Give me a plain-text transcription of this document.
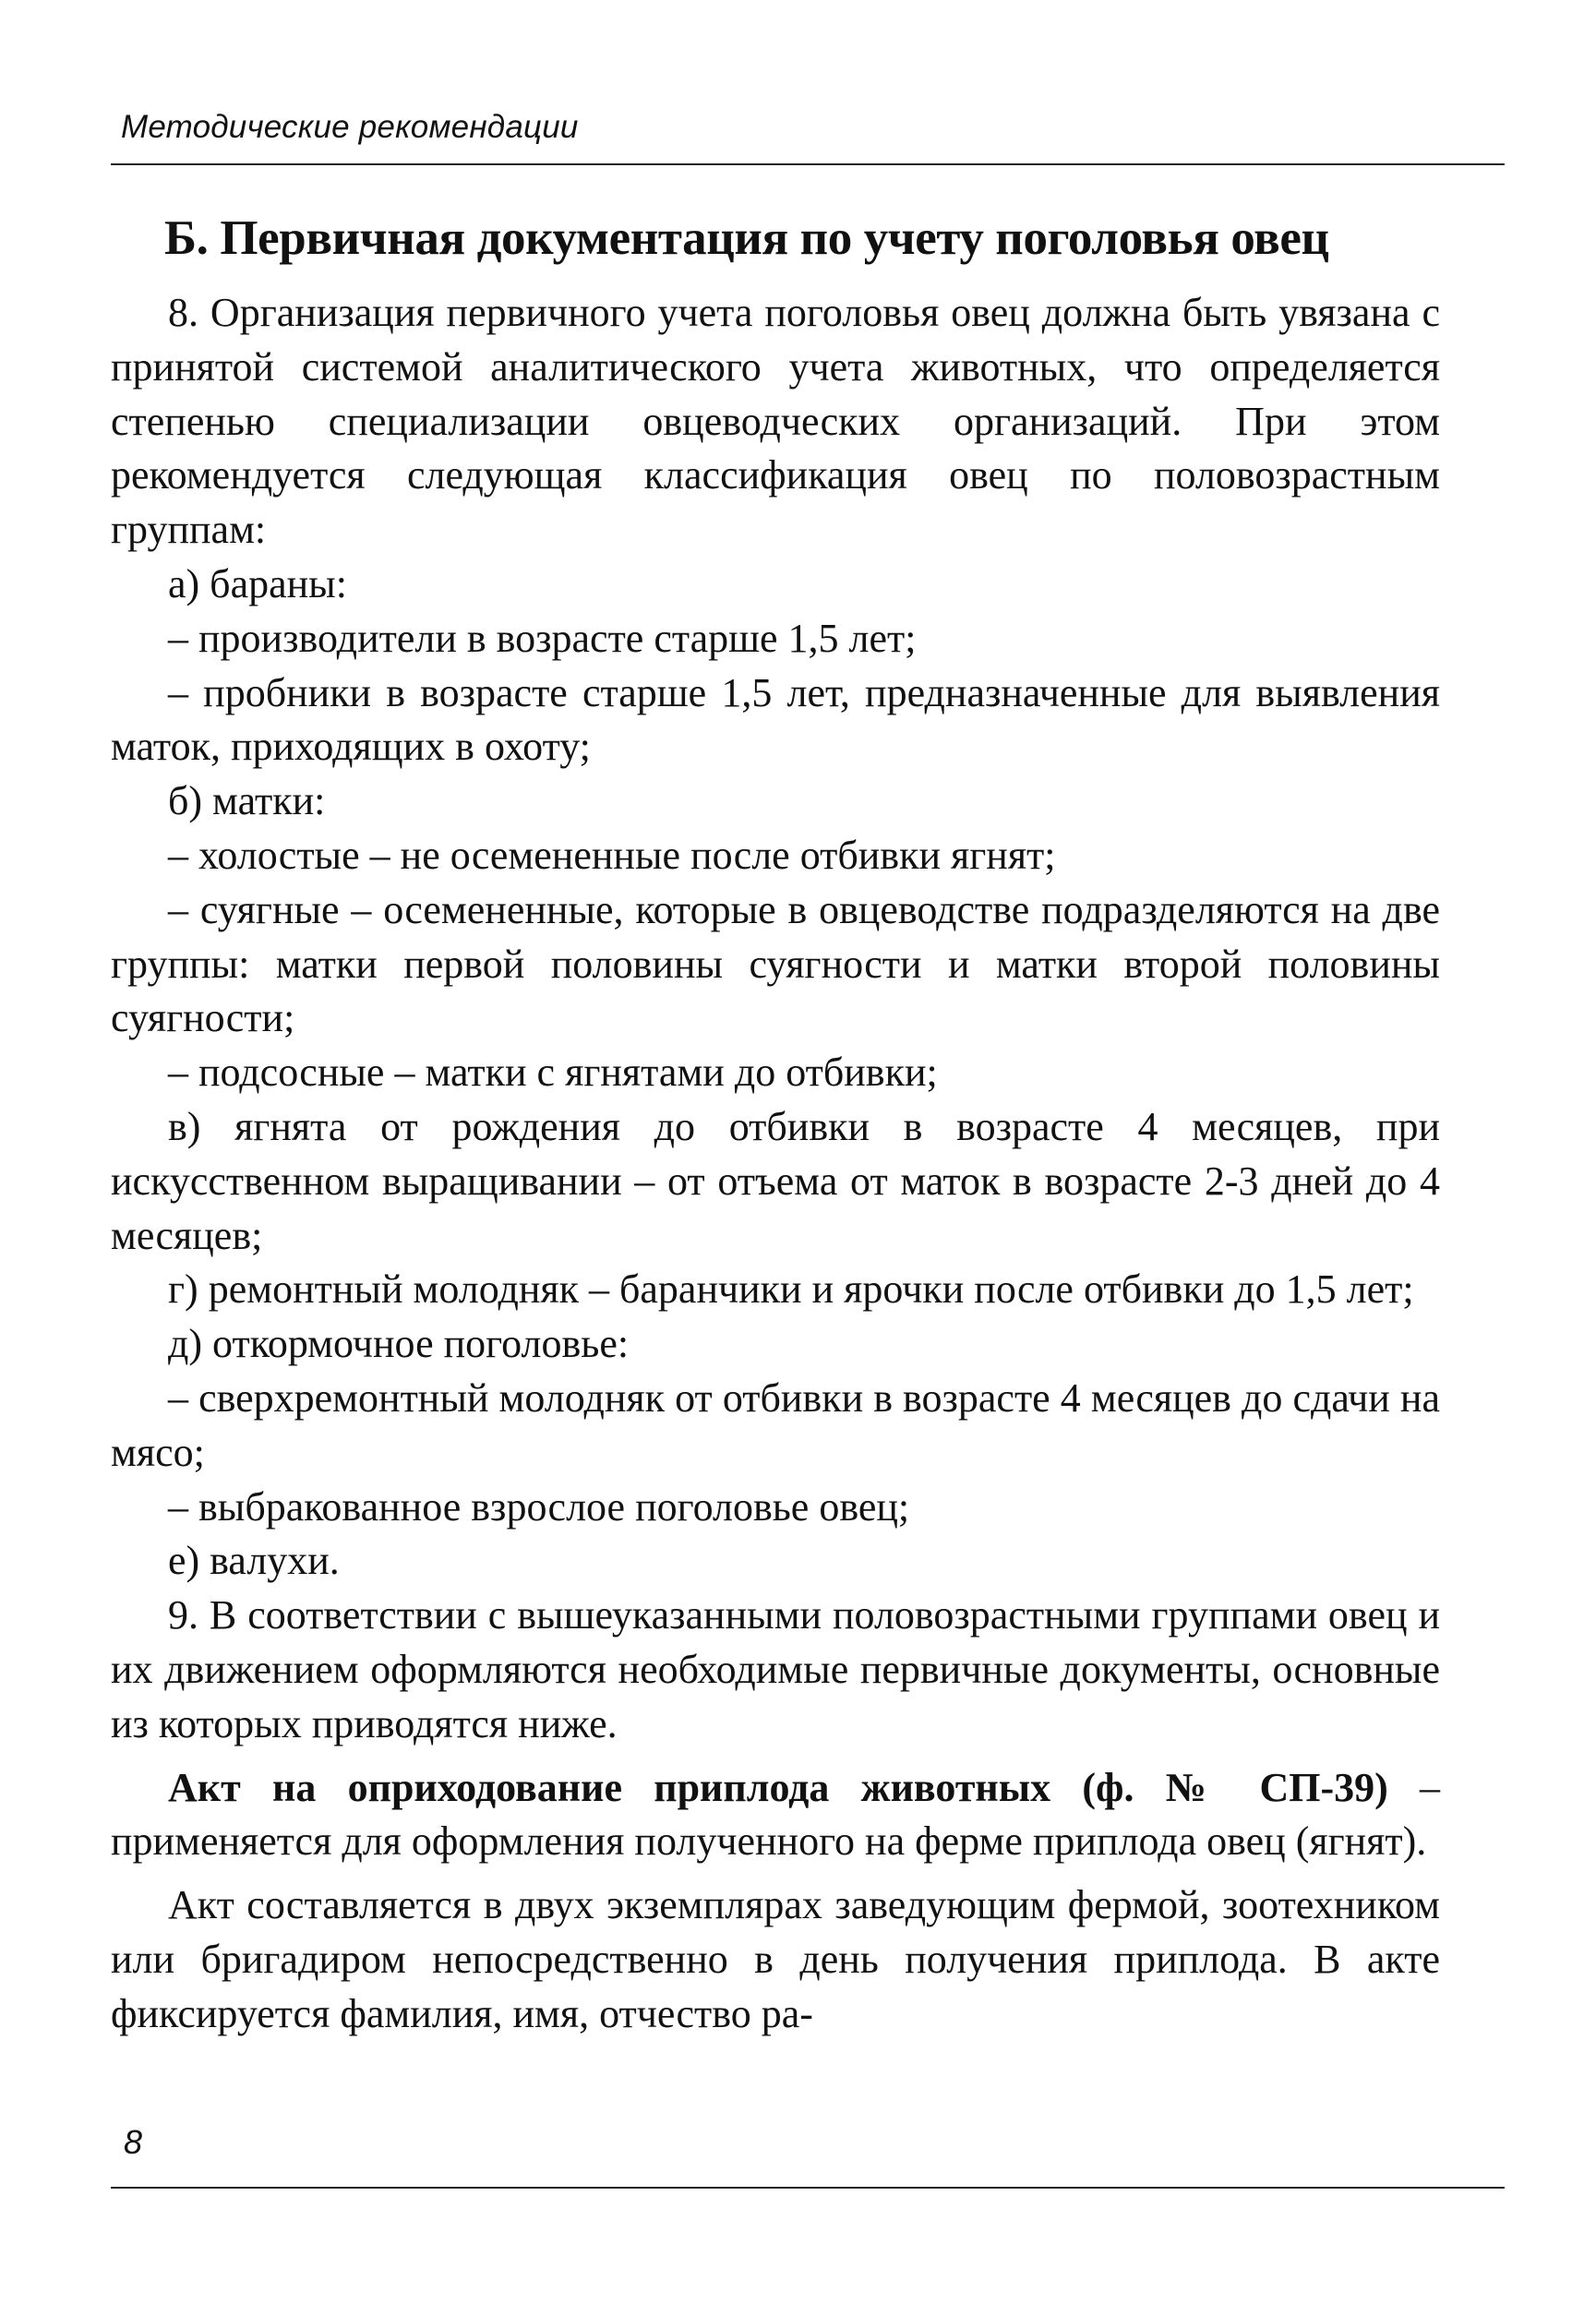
Методические рекомендации
Б. Первичная документация по учету поголовья овец

8. Организация первичного учета поголовья овец должна быть увязана с принятой системой аналитического учета животных, что определяется степенью специализации овцеводческих организаций. При этом рекомендуется следующая классификация овец по половозрастным группам:

а) бараны:

– производители в возрасте старше 1,5 лет;

– пробники в возрасте старше 1,5 лет, предназначенные для выявления маток, приходящих в охоту;

б) матки:

– холостые – не осемененные после отбивки ягнят;

– суягные – осемененные, которые в овцеводстве подразделяются на две группы: матки первой половины суягности и матки второй половины суягности;

– подсосные – матки с ягнятами до отбивки;

в) ягнята от рождения до отбивки в возрасте 4 месяцев, при искусственном выращивании – от отъема от маток в возрасте 2-3 дней до 4 месяцев;

г) ремонтный молодняк – баранчики и ярочки после отбивки до 1,5 лет;

д) откормочное поголовье:

– сверхремонтный молодняк от отбивки в возрасте 4 месяцев до сдачи на мясо;

– выбракованное взрослое поголовье овец;

е) валухи.

9. В соответствии с вышеуказанными половозрастными группами овец и их движением оформляются необходимые первичные документы, основные из которых приводятся ниже.

Акт на оприходование приплода животных (ф. № СП-39) – применяется для оформления полученного на ферме приплода овец (ягнят).

Акт составляется в двух экземплярах заведующим фермой, зоотехником или бригадиром непосредственно в день получения приплода. В акте фиксируется фамилия, имя, отчество ра-

8
